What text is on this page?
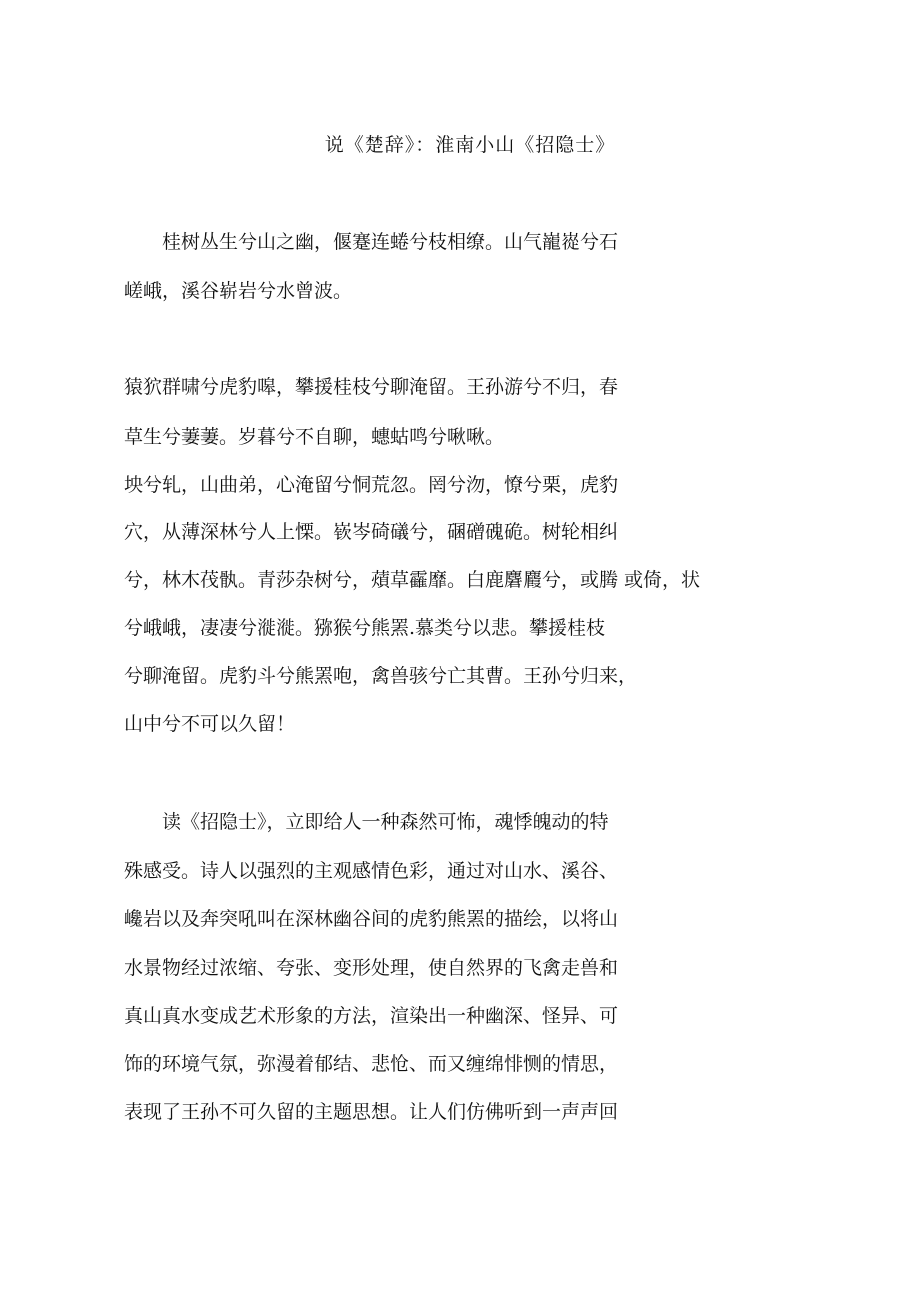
说《楚辞》：淮南小山《招隐士》
　　桂树丛生兮山之幽，偃蹇连蜷兮枝相缭。山气巃嵸兮石
嵯峨，溪谷崭岩兮水曾波。
猿狖群啸兮虎豹嗥，攀援桂枝兮聊淹留。王孙游兮不归，春
草生兮萋萋。岁暮兮不自聊，蟪蛄鸣兮啾啾。
坱兮轧，山曲弟，心淹留兮恫荒忽。罔兮沕，憭兮栗，虎豹
穴，从薄深林兮人上慄。嵚岑碕礒兮，碅磳磈硊。树轮相纠
兮，林木茷骫。青莎杂树兮，薠草靃靡。白鹿麏麚兮，或腾 或倚，状
兮峨峨，凄凄兮漇漇。猕猴兮熊罴.慕类兮以悲。攀援桂枝
兮聊淹留。虎豹斗兮熊罴咆，禽兽骇兮亡其曹。王孙兮归来，
山中兮不可以久留！
　　读《招隐士》，立即给人一种森然可怖，魂悸魄动的特
殊感受。诗人以强烈的主观感情色彩，通过对山水、溪谷、
巉岩以及奔突吼叫在深林幽谷间的虎豹熊罴的描绘，以将山
水景物经过浓缩、夸张、变形处理，使自然界的飞禽走兽和
真山真水变成艺术形象的方法，渲染出一种幽深、怪异、可
饰的环境气氛，弥漫着郁结、悲怆、而又缠绵悱恻的情思，
表现了王孙不可久留的主题思想。让人们仿佛听到一声声回
